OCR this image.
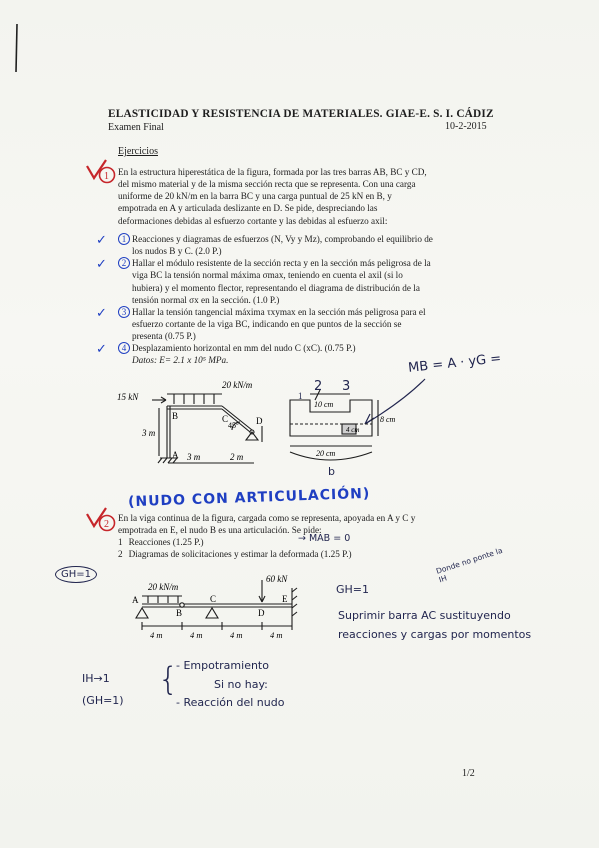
ELASTICIDAD Y RESISTENCIA DE MATERIALES. GIAE-E. S. I. CÁDIZ
Examen Final	10-2-2015
Ejercicios
1 En la estructura hiperestática de la figura, formada por las tres barras AB, BC y CD,
del mismo material y de la misma sección recta que se representa. Con una carga
uniforme de 20 kN/m en la barra BC y una carga puntual de 25 kN en B, y
empotrada en A y articulada deslizante en D. Se pide, despreciando las
deformaciones debidas al esfuerzo cortante y las debidas al esfuerzo axil:
✓	1 Reacciones y diagramas de esfuerzos (N, Vy y Mz), comprobando el equilibrio de
los nudos B y C. (2.0 P.)
✓	2 Hallar el módulo resistente de la sección recta y en la sección más peligrosa de la
viga BC la tensión normal máxima σmax, teniendo en cuenta el axil (si lo
hubiera) y el momento flector, representando el diagrama de distribución de la
tensión normal σx en la sección. (1.0 P.)
✓	3 Hallar la tensión tangencial máxima τxymax en la sección más peligrosa para el
esfuerzo cortante de la viga BC, indicando en que puntos de la sección se
presenta (0.75 P.)
✓	4 Desplazamiento horizontal en mm del nudo C (xC). (0.75 P.)
Datos: E= 2.1 x 10⁵ MPa.	MB = A · yG =
15 kN
20 kN/m
B	C	D
A
3 m
45º
3 m	2 m
2 3
1
10 cm
8 cm
4 cm
20 cm
b
(NUDO CON ARTICULACIÓN)
2
En la viga continua de la figura, cargada como se representa, apoyada en A y C y
empotrada en E, el nudo B es una articulación. Se pide:
1 Reacciones (1.25 P.)
2 Diagramas de solicitaciones y estimar la deformada (1.25 P.)
→ MAB = 0
GH=1	Donde no ponte la IH
GH=1
Suprimir barra AC sustituyendo
reacciones y cargas por momentos
20 kN/m
60 kN
A
B
C
D
E
4 m	4 m	4 m	4 m
IH→1
(GH=1)
{
- Empotramiento
Si no hay:
- Reacción del nudo
1/2
